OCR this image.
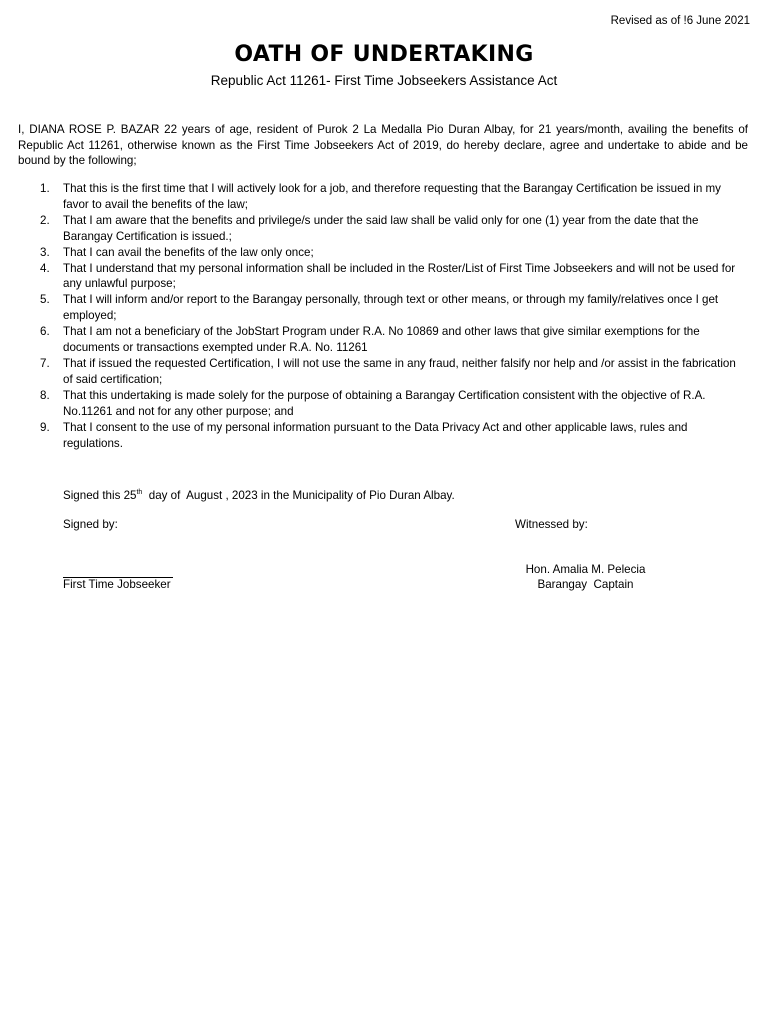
Revised as of !6 June 2021
OATH OF UNDERTAKING
Republic Act 11261- First Time Jobseekers Assistance Act
I, DIANA ROSE P. BAZAR 22 years of age, resident of Purok 2 La Medalla Pio Duran Albay, for 21 years/month, availing the benefits of Republic Act 11261, otherwise known as the First Time Jobseekers Act of 2019, do hereby declare, agree and undertake to abide and be bound by the following;
1. That this is the first time that I will actively look for a job, and therefore requesting that the Barangay Certification be issued in my favor to avail the benefits of the law;
2. That I am aware that the benefits and privilege/s under the said law shall be valid only for one (1) year from the date that the Barangay Certification is issued.;
3. That I can avail the benefits of the law only once;
4. That I understand that my personal information shall be included in the Roster/List of First Time Jobseekers and will not be used for any unlawful purpose;
5. That I will inform and/or report to the Barangay personally, through text or other means, or through my family/relatives once I get employed;
6. That I am not a beneficiary of the JobStart Program under R.A. No 10869 and other laws that give similar exemptions for the documents or transactions exempted under R.A. No. 11261
7. That if issued the requested Certification, I will not use the same in any fraud, neither falsify nor help and /or assist in the fabrication of said certification;
8. That this undertaking is made solely for the purpose of obtaining a Barangay Certification consistent with the objective of R.A. No.11261 and not for any other purpose; and
9. That I consent to the use of my personal information pursuant to the Data Privacy Act and other applicable laws, rules and regulations.
Signed this 25th  day of  August , 2023 in the Municipality of Pio Duran Albay.
Signed by:	Witnessed by:
First Time Jobseeker
Hon. Amalia M. Pelecia
Barangay  Captain
